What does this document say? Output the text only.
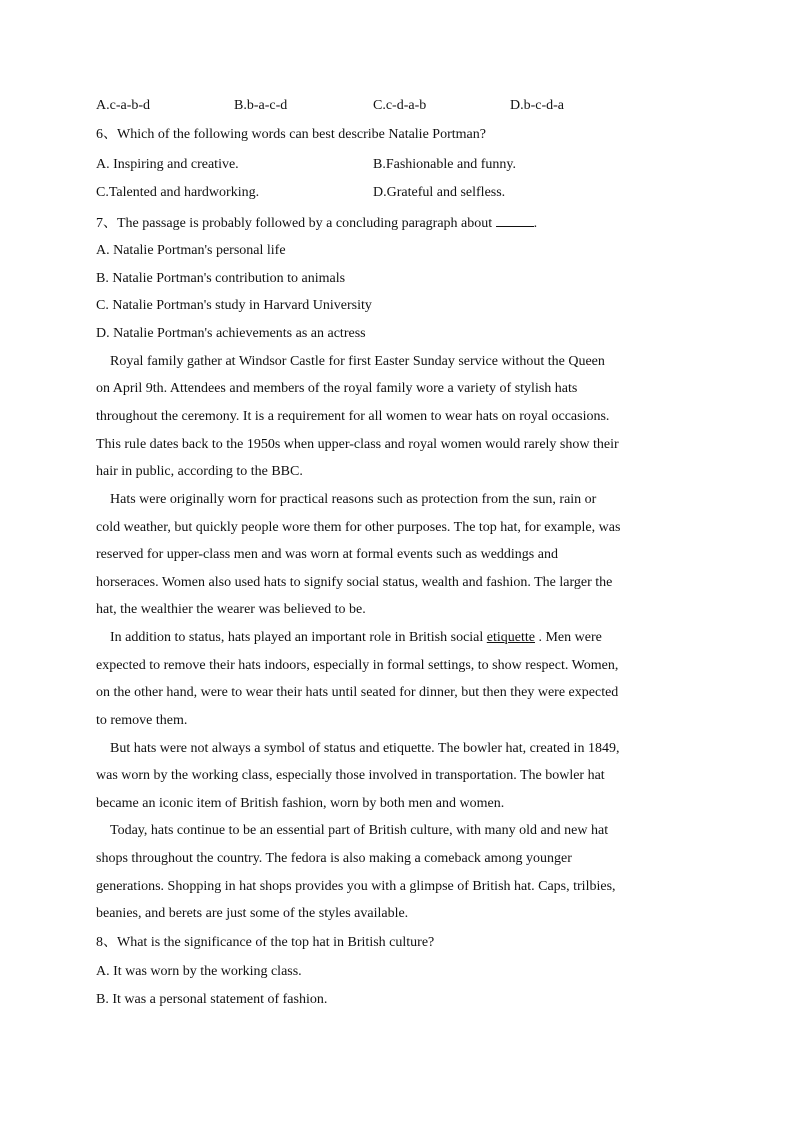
A.c-a-b-d	B.b-a-c-d	C.c-d-a-b	D.b-c-d-a
6、Which of the following words can best describe Natalie Portman?
A. Inspiring and creative.	B.Fashionable and funny.
C.Talented and hardworking.	D.Grateful and selfless.
7、The passage is probably followed by a concluding paragraph about	.
A. Natalie Portman's personal life
B. Natalie Portman's contribution to animals
C. Natalie Portman's study in Harvard University
D. Natalie Portman's achievements as an actress
Royal family gather at Windsor Castle for first Easter Sunday service without the Queen
on April 9th. Attendees and members of the royal family wore a variety of stylish hats
throughout the ceremony. It is a requirement for all women to wear hats on royal occasions.
This rule dates back to the 1950s when upper-class and royal women would rarely show their
hair in public, according to the BBC.
Hats were originally worn for practical reasons such as protection from the sun, rain or
cold weather, but quickly people wore them for other purposes. The top hat, for example, was
reserved for upper-class men and was worn at formal events such as weddings and
horseraces. Women also used hats to signify social status, wealth and fashion. The larger the
hat, the wealthier the wearer was believed to be.
In addition to status, hats played an important role in British social etiquette . Men were
expected to remove their hats indoors, especially in formal settings, to show respect. Women,
on the other hand, were to wear their hats until seated for dinner, but then they were expected
to remove them.
But hats were not always a symbol of status and etiquette. The bowler hat, created in 1849,
was worn by the working class, especially those involved in transportation. The bowler hat
became an iconic item of British fashion, worn by both men and women.
Today, hats continue to be an essential part of British culture, with many old and new hat
shops throughout the country. The fedora is also making a comeback among younger
generations. Shopping in hat shops provides you with a glimpse of British hat. Caps, trilbies,
beanies, and berets are just some of the styles available.
8、What is the significance of the top hat in British culture?
A. It was worn by the working class.
B. It was a personal statement of fashion.
